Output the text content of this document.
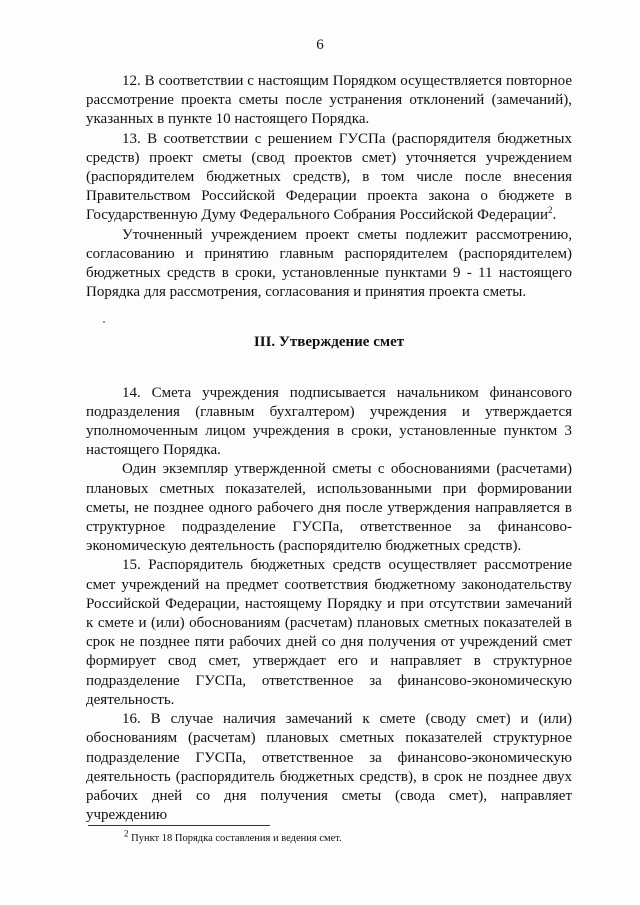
6

12. В соответствии с настоящим Порядком осуществляется повторное рассмотрение проекта сметы после устранения отклонений (замечаний), указанных в пункте 10 настоящего Порядка.

13. В соответствии с решением ГУСПа (распорядителя бюджетных средств) проект сметы (свод проектов смет) уточняется учреждением (распорядителем бюджетных средств), в том числе после внесения Правительством Российской Федерации проекта закона о бюджете в Государственную Думу Федерального Собрания Российской Федерации$^2$.

Уточненный учреждением проект сметы подлежит рассмотрению, согласованию и принятию главным распорядителем (распорядителем) бюджетных средств в сроки, установленные пунктами 9 - 11 настоящего Порядка для рассмотрения, согласования и принятия проекта сметы.

III. Утверждение смет

14. Смета учреждения подписывается начальником финансового подразделения (главным бухгалтером) учреждения и утверждается уполномоченным лицом учреждения в сроки, установленные пунктом 3 настоящего Порядка.

Один экземпляр утвержденной сметы с обоснованиями (расчетами) плановых сметных показателей, использованными при формировании сметы, не позднее одного рабочего дня после утверждения направляется в структурное подразделение ГУСПа, ответственное за финансово-экономическую деятельность (распорядителю бюджетных средств).

15. Распорядитель бюджетных средств осуществляет рассмотрение смет учреждений на предмет соответствия бюджетному законодательству Российской Федерации, настоящему Порядку и при отсутствии замечаний к смете и (или) обоснованиям (расчетам) плановых сметных показателей в срок не позднее пяти рабочих дней со дня получения от учреждений смет формирует свод смет, утверждает его и направляет в структурное подразделение ГУСПа, ответственное за финансово-экономическую деятельность.

16. В случае наличия замечаний к смете (своду смет) и (или) обоснованиям (расчетам) плановых сметных показателей структурное подразделение ГУСПа, ответственное за финансово-экономическую деятельность (распорядитель бюджетных средств), в срок не позднее двух рабочих дней со дня получения сметы (свода смет), направляет учреждению

$^2$ Пункт 18 Порядка составления и ведения смет.
